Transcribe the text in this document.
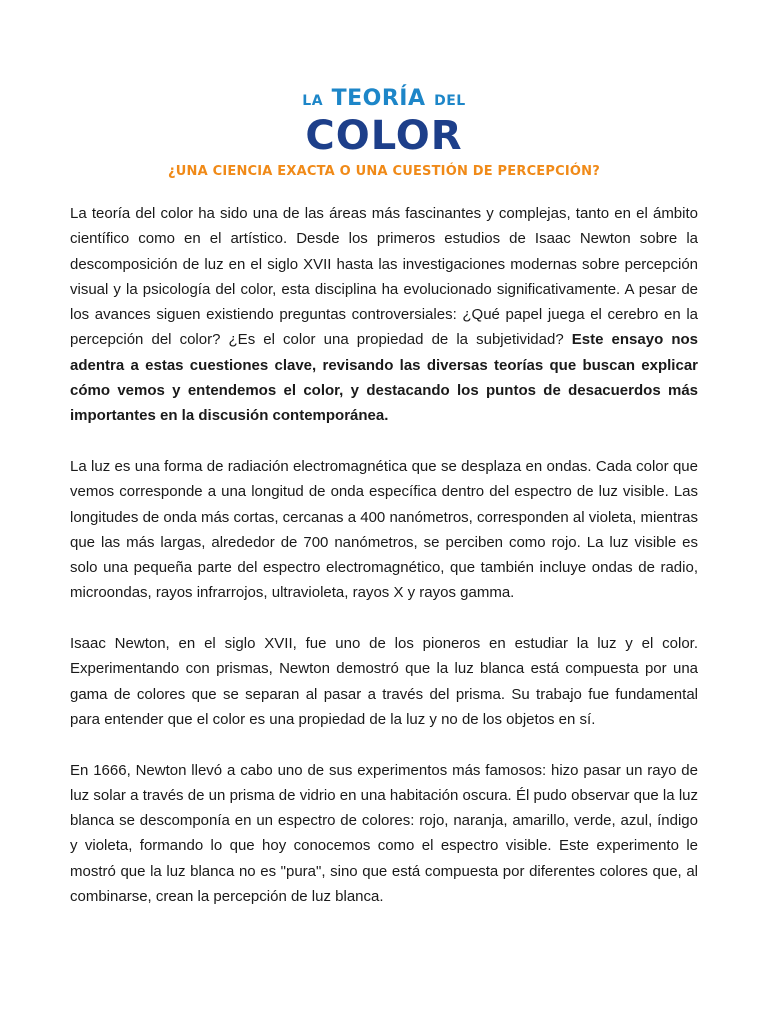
LA TEORÍA DEL
COLOR
¿UNA CIENCIA EXACTA O UNA CUESTIÓN DE PERCEPCIÓN?

La teoría del color ha sido una de las áreas más fascinantes y complejas, tanto en el ámbito científico como en el artístico. Desde los primeros estudios de Isaac Newton sobre la descomposición de luz en el siglo XVII hasta las investigaciones modernas sobre percepción visual y la psicología del color, esta disciplina ha evolucionado significativamente. A pesar de los avances siguen existiendo preguntas controversiales: ¿Qué papel juega el cerebro en la percepción del color? ¿Es el color una propiedad de la subjetividad? Este ensayo nos adentra a estas cuestiones clave, revisando las diversas teorías que buscan explicar cómo vemos y entendemos el color, y destacando los puntos de desacuerdos más importantes en la discusión contemporánea.

La luz es una forma de radiación electromagnética que se desplaza en ondas. Cada color que vemos corresponde a una longitud de onda específica dentro del espectro de luz visible. Las longitudes de onda más cortas, cercanas a 400 nanómetros, corresponden al violeta, mientras que las más largas, alrededor de 700 nanómetros, se perciben como rojo. La luz visible es solo una pequeña parte del espectro electromagnético, que también incluye ondas de radio, microondas, rayos infrarrojos, ultravioleta, rayos X y rayos gamma.

Isaac Newton, en el siglo XVII, fue uno de los pioneros en estudiar la luz y el color. Experimentando con prismas, Newton demostró que la luz blanca está compuesta por una gama de colores que se separan al pasar a través del prisma. Su trabajo fue fundamental para entender que el color es una propiedad de la luz y no de los objetos en sí.

En 1666, Newton llevó a cabo uno de sus experimentos más famosos: hizo pasar un rayo de luz solar a través de un prisma de vidrio en una habitación oscura. Él pudo observar que la luz blanca se descomponía en un espectro de colores: rojo, naranja, amarillo, verde, azul, índigo y violeta, formando lo que hoy conocemos como el espectro visible. Este experimento le mostró que la luz blanca no es "pura", sino que está compuesta por diferentes colores que, al combinarse, crean la percepción de luz blanca.
